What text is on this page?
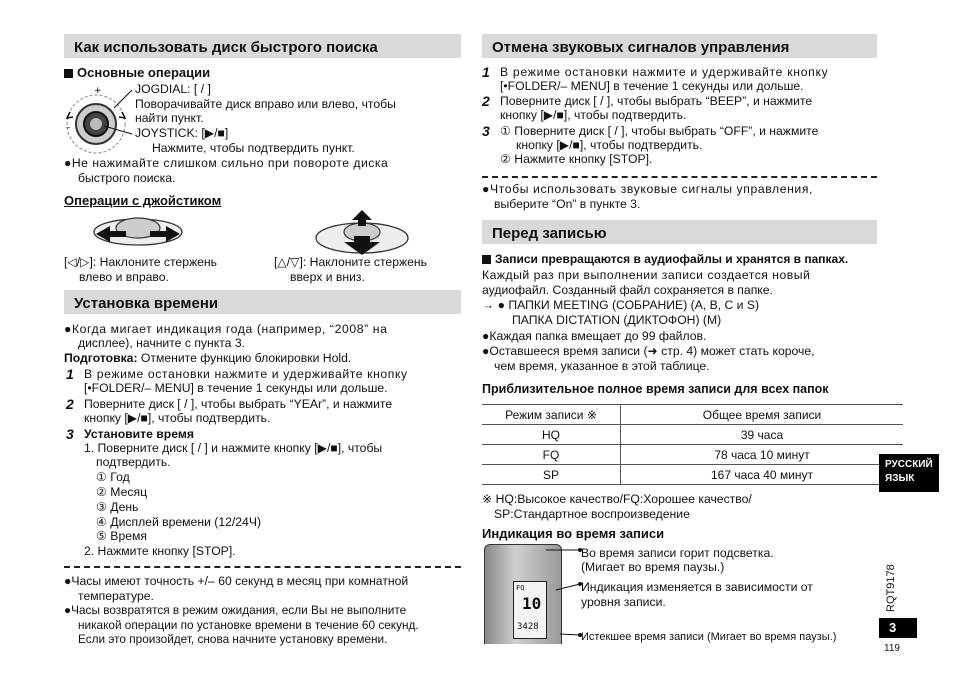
Как использовать диск быстрого поиска
Основные операции
+
–
JOGDIAL: [ / ]
Поворачивайте диск вправо или влево, чтобы
найти пункт.
JOYSTICK: [▶/■]
Нажмите, чтобы подтвердить пункт.
●Не нажимайте слишком сильно при повороте диска
быстрого поиска.
Операции с джойстиком
[◁/▷]: Наклоните стержень
влево и вправо.
[△/▽]: Наклоните стержень
вверх и вниз.
Установка времени
●Когда мигает индикация года (например, “2008” на
дисплее), начните с пункта 3.
Подготовка: Отмените функцию блокировки Hold.
1 В режиме остановки нажмите и удерживайте кнопку
[•FOLDER/– MENU] в течение 1 секунды или дольше.
2 Поверните диск [ / ], чтобы выбрать “YEAr”, и нажмите
кнопку [▶/■], чтобы подтвердить.
3 Установите время
1. Поверните диск [ / ] и нажмите кнопку [▶/■], чтобы
подтвердить.
① Год
② Месяц
③ День
④ Дисплей времени (12/24Ч)
⑤ Время
2. Нажмите кнопку [STOP].
●Часы имеют точность +/– 60 секунд в месяц при комнатной
температуре.
●Часы возвратятся в режим ожидания, если Вы не выполните
никакой операции по установке времени в течение 60 секунд.
Если это произойдет, снова начните установку времени.
Отмена звуковых сигналов управления
1 В режиме остановки нажмите и удерживайте кнопку
[•FOLDER/– MENU] в течение 1 секунды или дольше.
2 Поверните диск [ / ], чтобы выбрать “BEEP”, и нажмите
кнопку [▶/■], чтобы подтвердить.
3 ① Поверните диск [ / ], чтобы выбрать “OFF”, и нажмите
кнопку [▶/■], чтобы подтвердить.
② Нажмите кнопку [STOP].
●Чтобы использовать звуковые сигналы управления,
выберите “On” в пункте 3.
Перед записью
Записи превращаются в аудиофайлы и хранятся в папках.
Каждый раз при выполнении записи создается новый
аудиофайл. Созданный файл сохраняется в папке.
→ ● ПАПКИ MEETING (СОБРАНИЕ) (A, B, C и S)
ПАПКА DICTATION (ДИКТОФОН) (M)
●Каждая папка вмещает до 99 файлов.
●Оставшееся время записи (➜ стр. 4) может стать короче,
чем время, указанное в этой таблице.
Приблизительное полное время записи для всех папок
Режим записи ※	Общее время записи
HQ	39 часа
FQ	78 часа 10 минут
SP	167 часа 40 минут
※ HQ:Высокое качество/FQ:Хорошее качество/
SP:Стандартное воспроизведение
Индикация во время записи
FQ
10
3428
Во время записи горит подсветка.
(Мигает во время паузы.)
Индикация изменяется в зависимости от
уровня записи.
Истекшее время записи (Мигает во время паузы.)
РУССКИЙ
ЯЗЫК
RQT9178
3
119
